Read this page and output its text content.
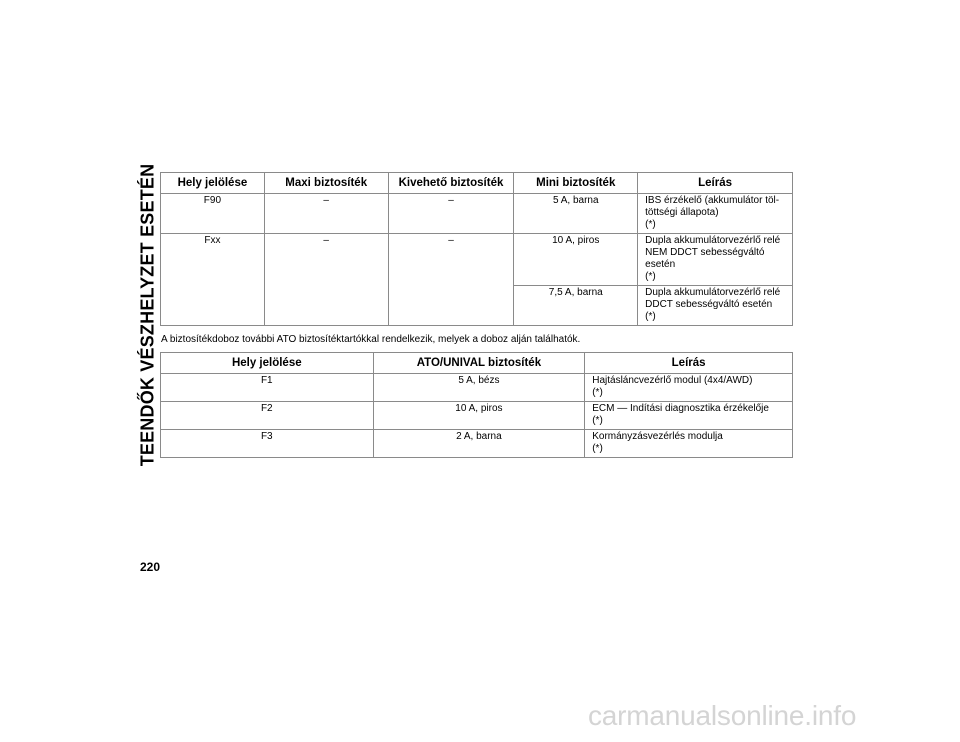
TEENDŐK VÉSZHELYZET ESETÉN
220
Hely jelölése	Maxi biztosíték	Kivehető biztosíték	Mini biztosíték	Leírás
F90	–	–	5 A, barna	IBS érzékelő (akkumulátor töl-
töttségi állapota)
(*)

Fxx	–	–	10 A, piros	Dupla akkumulátorvezérlő relé
NEM DDCT sebességváltó
esetén
(*)

			7,5 A, barna	Dupla akkumulátorvezérlő relé
DDCT sebességváltó esetén
(*)
A biztosítékdoboz további ATO biztosítéktartókkal rendelkezik, melyek a doboz alján találhatók.
Hely jelölése	ATO/UNIVAL biztosíték	Leírás
F1	5 A, bézs	Hajtásláncvezérlő modul (4x4/AWD)
(*)

F2	10 A, piros	ECM — Indítási diagnosztika érzékelője
(*)

F3	2 A, barna	Kormányzásvezérlés modulja
(*)
carmanualsonline.info
